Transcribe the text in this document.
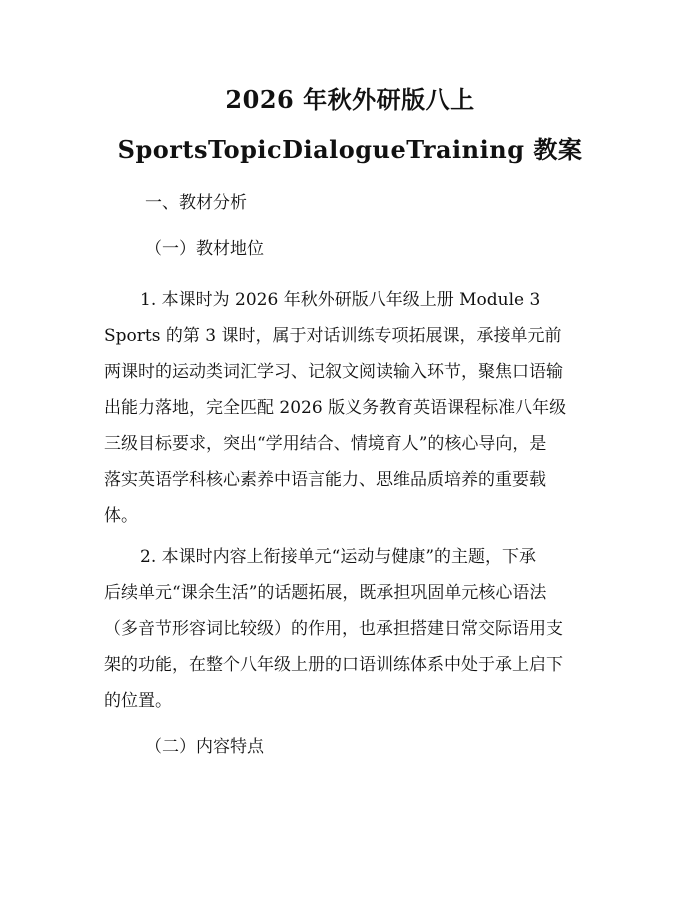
2026 年秋外研版八上
SportsTopicDialogueTraining 教案
一、教材分析
（一）教材地位
1. 本课时为 2026 年秋外研版八年级上册 Module 3
Sports 的第 3 课时，属于对话训练专项拓展课，承接单元前
两课时的运动类词汇学习、记叙文阅读输入环节，聚焦口语输
出能力落地，完全匹配 2026 版义务教育英语课程标准八年级
三级目标要求，突出“学用结合、情境育人”的核心导向，是
落实英语学科核心素养中语言能力、思维品质培养的重要载
体。
2. 本课时内容上衔接单元“运动与健康”的主题，下承
后续单元“课余生活”的话题拓展，既承担巩固单元核心语法
（多音节形容词比较级）的作用，也承担搭建日常交际语用支
架的功能，在整个八年级上册的口语训练体系中处于承上启下
的位置。
（二）内容特点
